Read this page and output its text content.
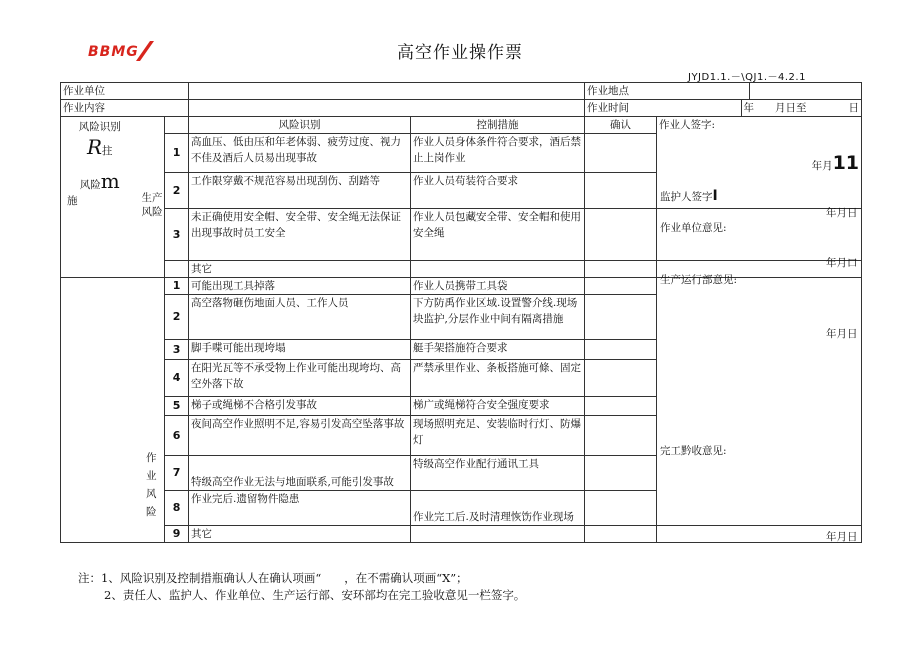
BBMG	高空作业操作票
JYJD1.1.－\QJ1.－4.2.1
作业单位			作业地点	

作业内容			作业时间	年　　月日至　　　　日

风险识别
R拄
风险m
施
			风险识别	控制措施	确认	作业人签字:
年月11

1	高血压、低由压和年老体弱、疲劳过度、视力不佳及酒后人员易出现事故	作业人员身体条件符合要求，酒后禁止上岗作业	
2	工作限穿戴不规范容易出现刮伤、刮踏等	作业人员苟装符合要求	
3	未正确使用安全帽、安全带、安全绳无法保证出现事故时员工安全	作业人员包藏安全带、安全帽和使用安全绳		
	其它			

作业风险
	1	可能出现工具掉落	作业人员携带工具袋		
2	高空落物砸伤地面人员、工作人员	下方防禹作业区域.设置警介线.现场块监护,分层作业中间有隔离措施	
3	脚手喋可能出现垮塌	艇手架搭施符合要求	
4	在阳光瓦等不承受物上作业可能出现垮均、高空外落下故	严禁承里作业、条板搭施可條、固定	
5	梯子或绳梯不合格引发事故	梯广或绳梯符合安全强度要求	
6	夜间高空作业照明不足,容易引发高空坠落事故	现场照明充足、安装临时行灯、防爆灯	
7	特级高空作业无法与地面联系,可能引发事故	特级高空作业配行通讯工具	
8	作业完后.遗留物件隐患	作业完工后.及时清理恢饬作业现场	
9	其它			
生产风险
监护人签字I
年月日
作业单位意见:
年月口
生产运行部意见:
年月日
完工黔收意见:
年月日
注：1、风险识别及控制措瓶确认人在确认项画“　　，在不需确认项画“X”；
2、责任人、监护人、作业单位、生产运行部、安环部均在完工验收意见一栏签字。
